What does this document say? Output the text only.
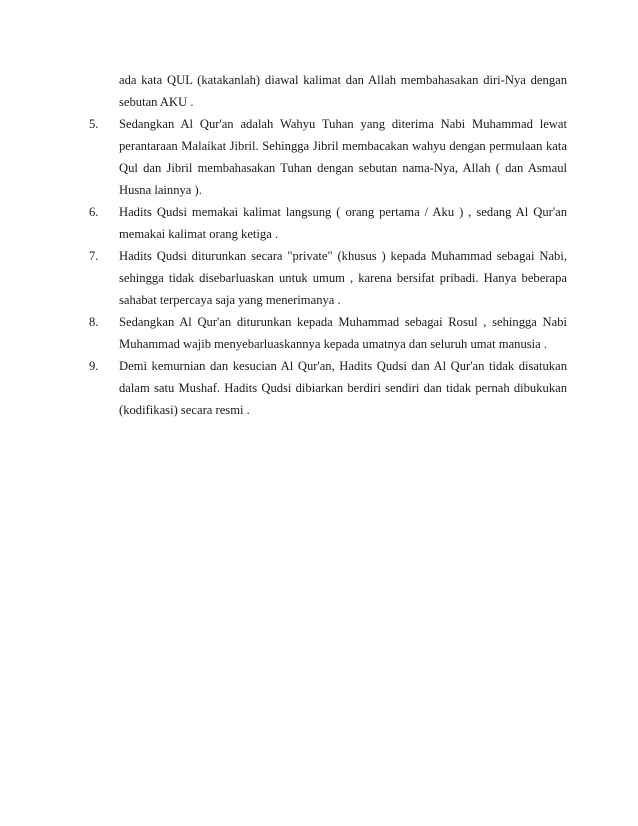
ada kata QUL (katakanlah) diawal kalimat dan Allah membahasakan diri-Nya dengan sebutan AKU .
5.	Sedangkan Al Qur'an adalah Wahyu Tuhan yang diterima Nabi Muhammad lewat perantaraan Malaikat Jibril. Sehingga Jibril membacakan wahyu dengan permulaan kata Qul dan Jibril membahasakan Tuhan dengan sebutan nama-Nya, Allah ( dan Asmaul Husna lainnya ).
6.	Hadits Qudsi memakai kalimat langsung ( orang pertama / Aku ) , sedang Al Qur'an memakai kalimat orang ketiga .
7.	Hadits Qudsi diturunkan secara "private" (khusus ) kepada Muhammad sebagai Nabi, sehingga tidak disebarluaskan untuk umum , karena bersifat pribadi. Hanya beberapa sahabat terpercaya saja yang menerimanya .
8.	Sedangkan Al Qur'an diturunkan kepada Muhammad sebagai Rosul , sehingga Nabi Muhammad wajib menyebarluaskannya kepada umatnya dan seluruh umat manusia .
9.	Demi kemurnian dan kesucian Al Qur'an, Hadits Qudsi dan Al Qur'an tidak disatukan dalam satu Mushaf. Hadits Qudsi dibiarkan berdiri sendiri dan tidak pernah dibukukan (kodifikasi) secara resmi .
